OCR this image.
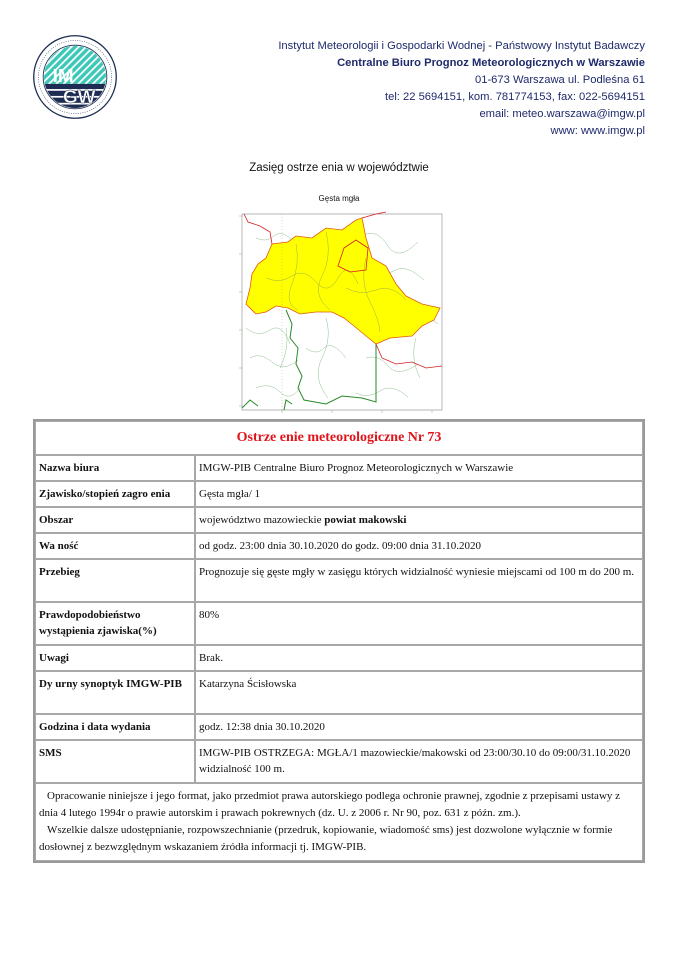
IM
GW
Instytut Meteorologii i Gospodarki Wodnej - Państwowy Instytut Badawczy
Centralne Biuro Prognoz Meteorologicznych w Warszawie
01-673 Warszawa ul. Podleśna 61
tel: 22 5694151, kom. 781774153, fax: 022-5694151
email: meteo.warszawa@imgw.pl
www: www.imgw.pl
Zasięg ostrze enia w województwie
Gęsta mgła
Ostrze enie meteorologiczne Nr 73	
Nazwa biura	IMGW-PIB Centralne Biuro Prognoz Meteorologicznych w Warszawie
Zjawisko/stopień zagro enia	Gęsta mgła/ 1
Obszar	województwo mazowieckie powiat makowski
Wa ność	od godz. 23:00 dnia 30.10.2020 do godz. 09:00 dnia 31.10.2020
Przebieg	Prognozuje się gęste mgły w zasięgu których widzialność wyniesie miejscami od 100 m do 200 m.
Prawdopodobieństwo wystąpienia zjawiska(%)	80%
Uwagi	Brak.
Dy urny synoptyk IMGW-PIB	Katarzyna Ścisłowska
Godzina i data wydania	godz. 12:38 dnia 30.10.2020
SMS	IMGW-PIB OSTRZEGA: MGŁA/1 mazowieckie/makowski od 23:00/30.10 do 09:00/31.10.2020 widzialność 100 m.

Opracowanie niniejsze i jego format, jako przedmiot prawa autorskiego podlega ochronie prawnej, zgodnie z przepisami ustawy z dnia 4 lutego 1994r o prawie autorskim i prawach pokrewnych (dz. U. z 2006 r. Nr 90, poz. 631 z późn. zm.).
Wszelkie dalsze udostępnianie, rozpowszechnianie (przedruk, kopiowanie, wiadomość sms) jest dozwolone wyłącznie w formie dosłownej z bezwzględnym wskazaniem źródła informacji tj. IMGW-PIB.	
